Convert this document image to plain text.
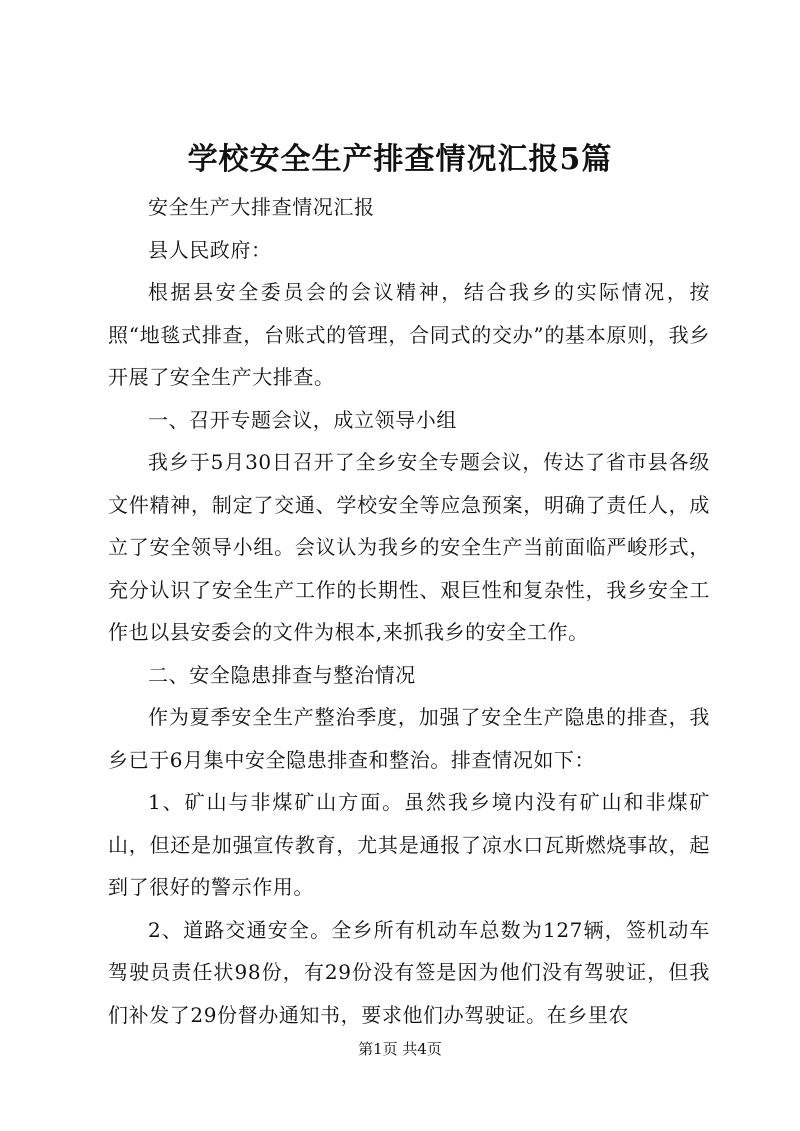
学校安全生产排查情况汇报5篇

安全生产大排查情况汇报

县人民政府：

根据县安全委员会的会议精神，结合我乡的实际情况，按照“地毯式排查，台账式的管理，合同式的交办”的基本原则，我乡开展了安全生产大排查。

一、召开专题会议，成立领导小组

我乡于5月30日召开了全乡安全专题会议，传达了省市县各级文件精神，制定了交通、学校安全等应急预案，明确了责任人，成立了安全领导小组。会议认为我乡的安全生产当前面临严峻形式，充分认识了安全生产工作的长期性、艰巨性和复杂性，我乡安全工作也以县安委会的文件为根本,来抓我乡的安全工作。

二、安全隐患排查与整治情况

作为夏季安全生产整治季度，加强了安全生产隐患的排查，我乡已于6月集中安全隐患排查和整治。排查情况如下：

1、矿山与非煤矿山方面。虽然我乡境内没有矿山和非煤矿山，但还是加强宣传教育，尤其是通报了凉水口瓦斯燃烧事故，起到了很好的警示作用。

2、道路交通安全。全乡所有机动车总数为127辆，签机动车驾驶员责任状98份，有29份没有签是因为他们没有驾驶证，但我们补发了29份督办通知书，要求他们办驾驶证。在乡里农

第1页 共4页
